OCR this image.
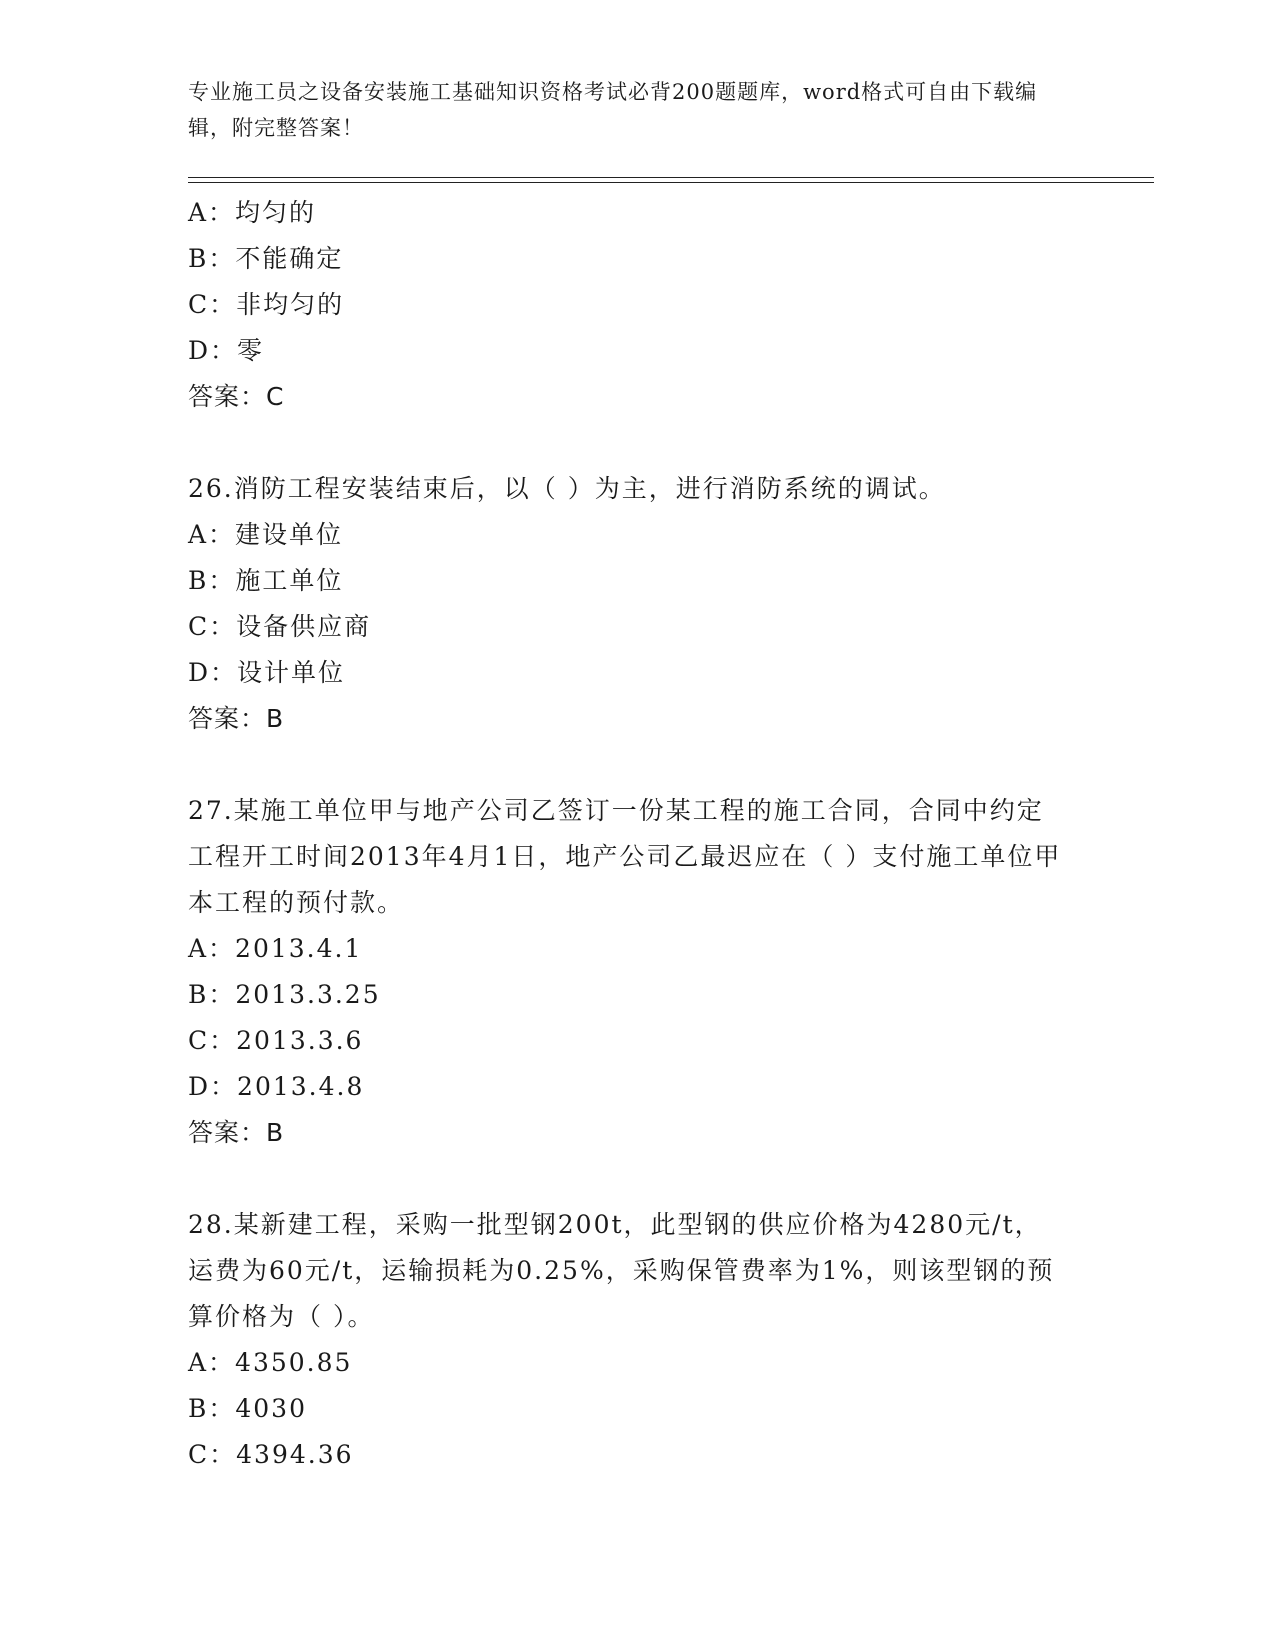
专业施工员之设备安装施工基础知识资格考试必背200题题库，word格式可自由下载编辑，附完整答案！
A：均匀的
B：不能确定
C：非均匀的
D：零
答案：C
26.消防工程安装结束后，以（ ）为主，进行消防系统的调试。
A：建设单位
B：施工单位
C：设备供应商
D：设计单位
答案：B
27.某施工单位甲与地产公司乙签订一份某工程的施工合同，合同中约定工程开工时间2013年4月1日，地产公司乙最迟应在（ ）支付施工单位甲本工程的预付款。
A：2013.4.1
B：2013.3.25
C：2013.3.6
D：2013.4.8
答案：B
28.某新建工程，采购一批型钢200t，此型钢的供应价格为4280元/t，运费为60元/t，运输损耗为0.25%，采购保管费率为1%，则该型钢的预算价格为（ ）。
A：4350.85
B：4030
C：4394.36
